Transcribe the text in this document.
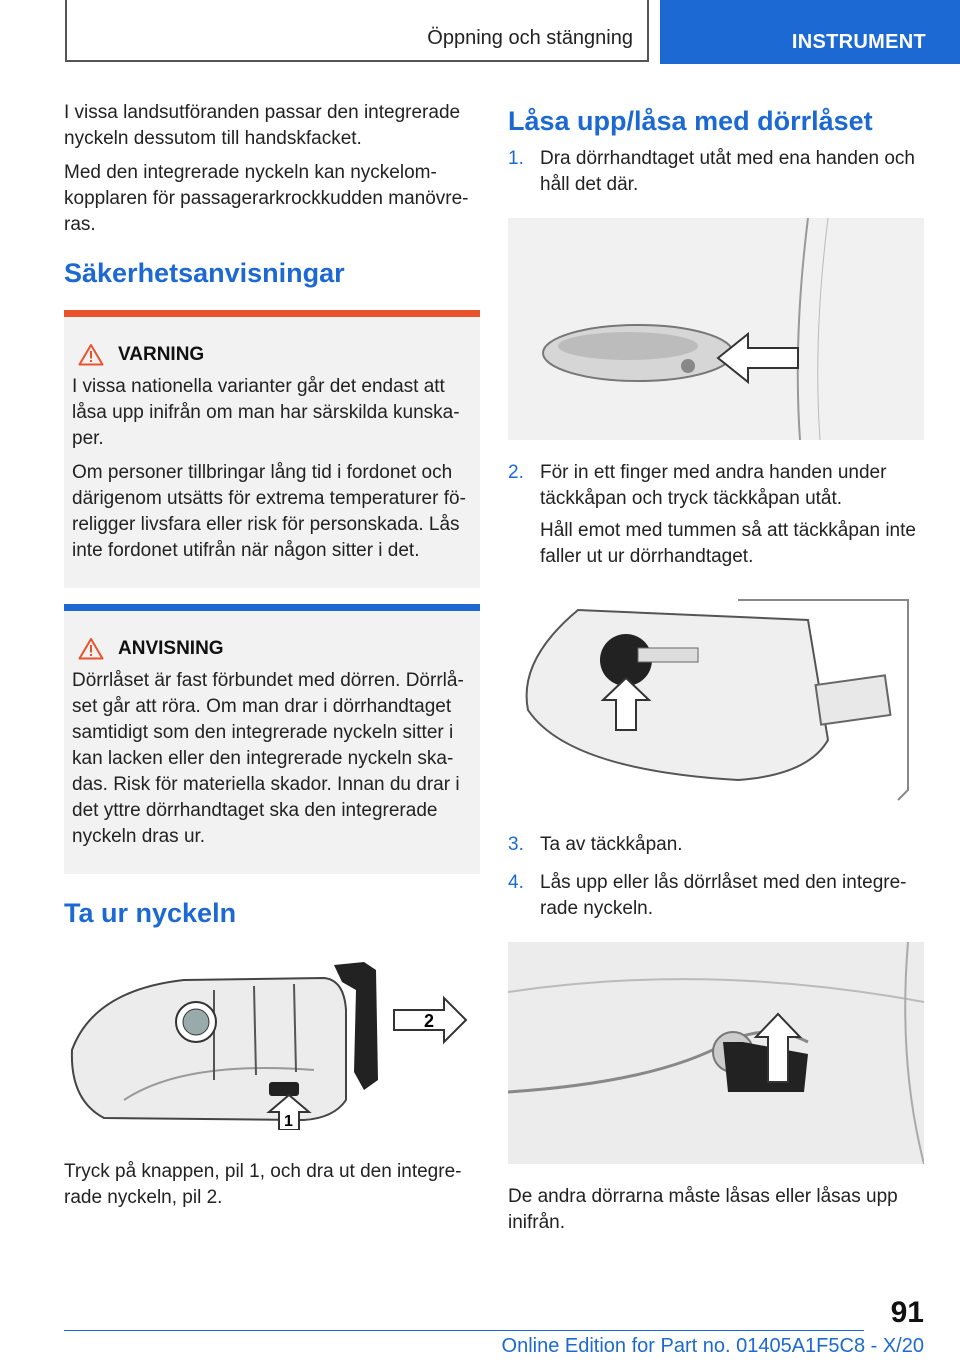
Öppning och stängning	INSTRUMENT

I vissa landsutföranden passar den integrerade nyckeln dessutom till handskfacket.

Med den integrerade nyckeln kan nyckelomkopplaren för passagerarkrockkudden manövreras.

Säkerhetsanvisningar
VARNING

I vissa nationella varianter går det endast att låsa upp inifrån om man har särskilda kunskaper.

Om personer tillbringar lång tid i fordonet och därigenom utsätts för extrema temperaturer föreligger livsfara eller risk för personskada. Lås inte fordonet utifrån när någon sitter i det.

ANVISNING

Dörrlåset är fast förbundet med dörren. Dörrlåset går att röra. Om man drar i dörrhandtaget samtidigt som den integrerade nyckeln sitter i kan lacken eller den integrerade nyckeln skadas. Risk för materiella skador. Innan du drar i det yttre dörrhandtaget ska den integrerade nyckeln dras ur.

Ta ur nyckeln
2
1

Tryck på knappen, pil 1, och dra ut den integrerade nyckeln, pil 2.

Låsa upp/låsa med dörrlåset
1. Dra dörrhandtaget utåt med ena handen och håll det där.

2. För in ett finger med andra handen under täckkåpan och tryck täckkåpan utåt.

Håll emot med tummen så att täckkåpan inte faller ut ur dörrhandtaget.

3. Ta av täckkåpan.

4. Lås upp eller lås dörrlåset med den integrerade nyckeln.

De andra dörrarna måste låsas eller låsas upp inifrån.

91
Online Edition for Part no. 01405A1F5C8 - X/20
